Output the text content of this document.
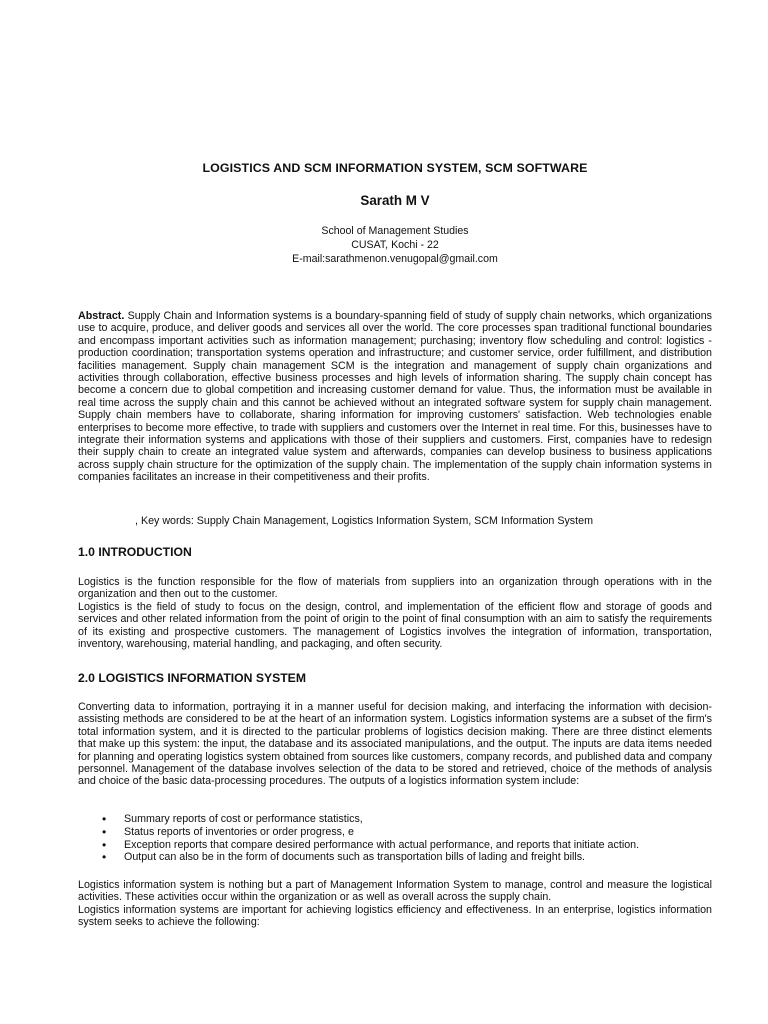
LOGISTICS AND SCM INFORMATION SYSTEM, SCM SOFTWARE
Sarath M V
School of Management Studies
CUSAT, Kochi - 22
E-mail:sarathmenon.venugopal@gmail.com

Abstract. Supply Chain and Information systems is a boundary-spanning field of study of supply chain networks, which organizations use to acquire, produce, and deliver goods and services all over the world. The core processes span traditional functional boundaries and encompass important activities such as information management; purchasing; inventory flow scheduling and control: logistics -production coordination; transportation systems operation and infrastructure; and customer service, order fulfillment, and distribution facilities management. Supply chain management SCM is the integration and management of supply chain organizations and activities through collaboration, effective business processes and high levels of information sharing. The supply chain concept has become a concern due to global competition and increasing customer demand for value. Thus, the information must be available in real time across the supply chain and this cannot be achieved without an integrated software system for supply chain management. Supply chain members have to collaborate, sharing information for improving customers' satisfaction. Web technologies enable enterprises to become more effective, to trade with suppliers and customers over the Internet in real time. For this, businesses have to integrate their information systems and applications with those of their suppliers and customers. First, companies have to redesign their supply chain to create an integrated value system and afterwards, companies can develop business to business applications across supply chain structure for the optimization of the supply chain. The implementation of the supply chain information systems in companies facilitates an increase in their competitiveness and their profits.

, Key words: Supply Chain Management, Logistics Information System, SCM Information System
1.0 INTRODUCTION

Logistics is the function responsible for the flow of materials from suppliers into an organization through operations with in the organization and then out to the customer.

Logistics is the field of study to focus on the design, control, and implementation of the efficient flow and storage of goods and services and other related information from the point of origin to the point of final consumption with an aim to satisfy the requirements of its existing and prospective customers. The management of Logistics involves the integration of information, transportation, inventory, warehousing, material handling, and packaging, and often security.

2.0 LOGISTICS INFORMATION SYSTEM

Converting data to information, portraying it in a manner useful for decision making, and interfacing the information with decision-assisting methods are considered to be at the heart of an information system. Logistics information systems are a subset of the firm's total information system, and it is directed to the particular problems of logistics decision making. There are three distinct elements that make up this system: the input, the database and its associated manipulations, and the output. The inputs are data items needed for planning and operating logistics system obtained from sources like customers, company records, and published data and company personnel. Management of the database involves selection of the data to be stored and retrieved, choice of the methods of analysis and choice of the basic data-processing procedures. The outputs of a logistics information system include:

• Summary reports of cost or performance statistics,
• Status reports of inventories or order progress, e
• Exception reports that compare desired performance with actual performance, and reports that initiate action.
• Output can also be in the form of documents such as transportation bills of lading and freight bills.

Logistics information system is nothing but a part of Management Information System to manage, control and measure the logistical activities. These activities occur within the organization or as well as overall across the supply chain.

Logistics information systems are important for achieving logistics efficiency and effectiveness. In an enterprise, logistics information system seeks to achieve the following:
